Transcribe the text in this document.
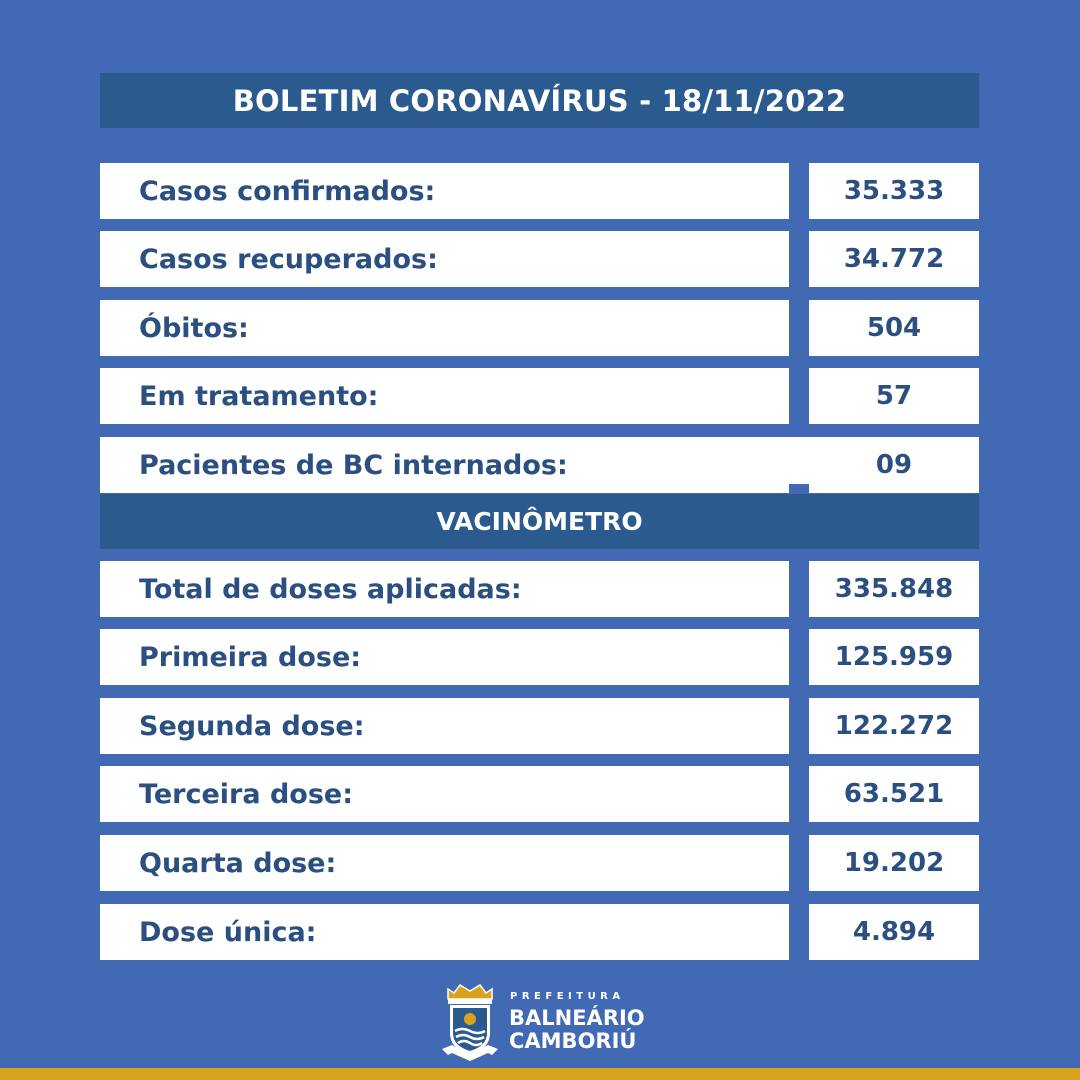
BOLETIM CORONAVÍRUS - 18/11/2022
Casos confirmados:	35.333
Casos recuperados:	34.772
Óbitos:	504
Em tratamento:	57
Pacientes de BC internados:	09
VACINÔMETRO
Total de doses aplicadas:	335.848
Primeira dose:	125.959
Segunda dose:	122.272
Terceira dose:	63.521
Quarta dose:	19.202
Dose única:	4.894
PREFEITURA
BALNEÁRIO
CAMBORIÚ
